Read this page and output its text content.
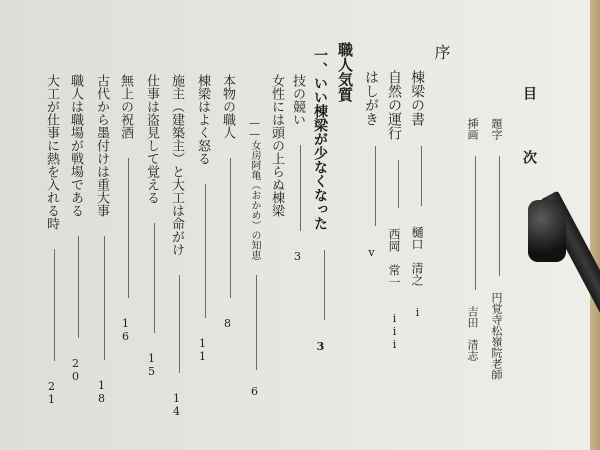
目　次
題字  円覚寺松嶺院老師
挿画  吉田　清志
序
棟梁の書  樋口　清之 i
自然の運行  西岡　常一 iii
はしがき  v
職人気質
一、いい棟梁が少なくなった  3
技の競い  3
女性には頭の上らぬ棟梁
――女房阿亀（おかめ）の知恵  6
本物の職人  8
棟梁はよく怒る  11
施主（建築主）と大工は命がけ  14
仕事は盗見して覚える  15
無上の祝酒  16
古代から墨付けは重大事  18
職人は職場が戦場である  20
大工が仕事に熱を入れる時  21
